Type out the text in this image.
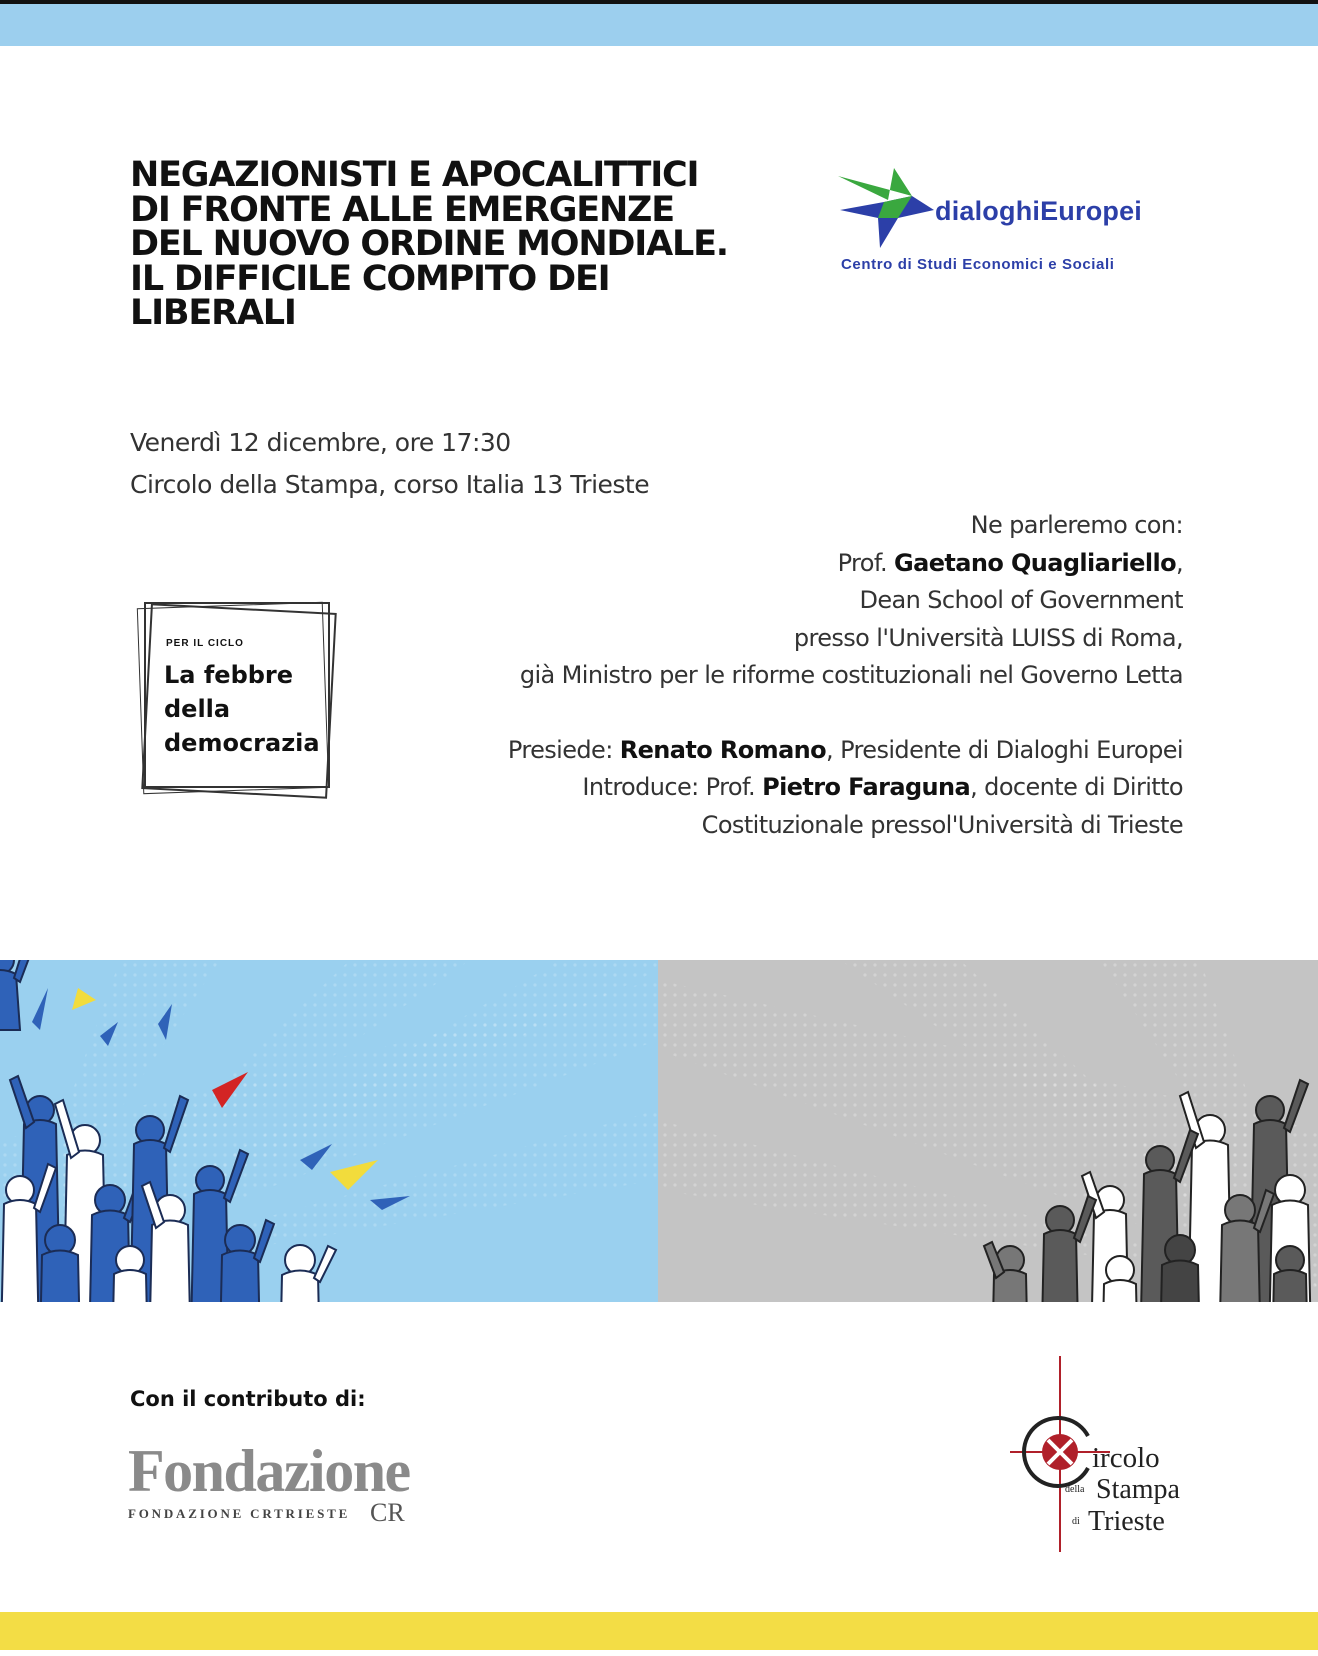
NEGAZIONISTI E APOCALITTICI DI FRONTE ALLE EMERGENZE DEL NUOVO ORDINE MONDIALE. IL DIFFICILE COMPITO DEI LIBERALI
Venerdì 12 dicembre, ore 17:30
Circolo della Stampa, corso Italia 13 Trieste
dialoghiEuropei
Centro di Studi Economici e Sociali
PER IL CICLO
La febbre della democrazia
Ne parleremo con:
Prof. Gaetano Quagliariello,
Dean School of Government
presso l'Università LUISS di Roma,
già Ministro per le riforme costituzionali nel Governo Letta
Presiede: Renato Romano, Presidente di Dialoghi Europei
Introduce: Prof. Pietro Faraguna, docente di Diritto
Costituzionale pressol'Università di Trieste
Con il contributo di:
Fondazione
FONDAZIONE CRTRIESTE CR
ircolo
della Stampa
di Trieste
